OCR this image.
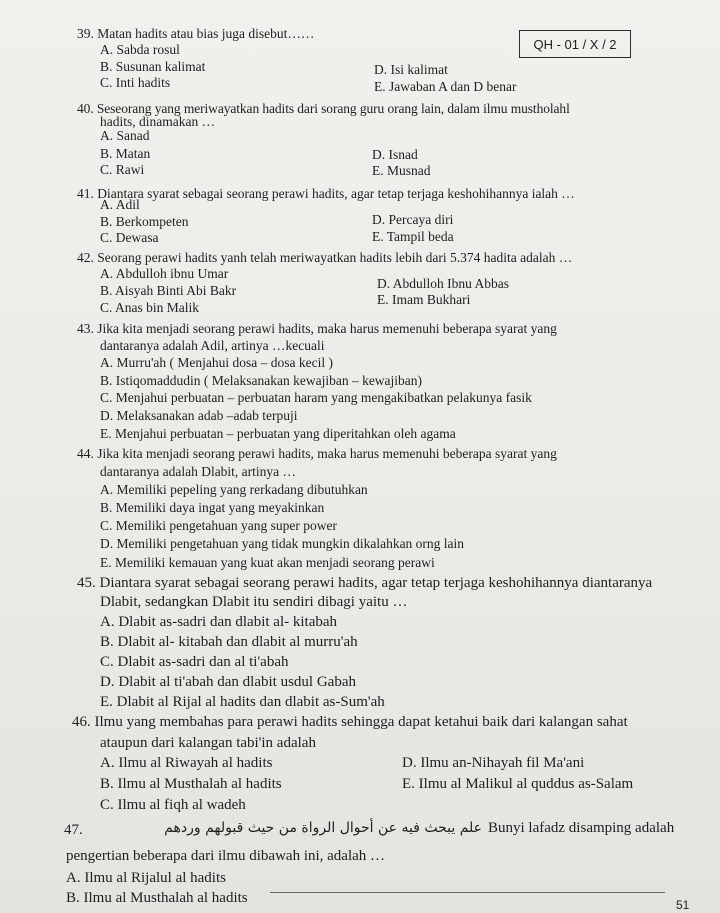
QH - 01 / X / 2
39. Matan hadits atau bias juga disebut……
A. Sabda rosul
B. Susunan kalimat
C. Inti hadits
D. Isi kalimat
E. Jawaban A dan D benar
40. Seseorang yang meriwayatkan hadits dari sorang guru orang lain, dalam ilmu mustholahl
hadits, dinamakan …
A. Sanad
B. Matan
C. Rawi
D. Isnad
E. Musnad
41. Diantara syarat sebagai seorang perawi hadits, agar tetap terjaga keshohihannya ialah …
A. Adil
B. Berkompeten
C. Dewasa
D. Percaya diri
E. Tampil beda
42. Seorang perawi hadits yanh telah meriwayatkan hadits lebih dari 5.374 hadita adalah …
A. Abdulloh ibnu Umar
B. Aisyah Binti Abi Bakr
C. Anas bin Malik
D. Abdulloh Ibnu Abbas
E. Imam Bukhari
43. Jika kita menjadi seorang perawi hadits, maka harus memenuhi beberapa syarat yang
dantaranya adalah Adil, artinya …kecuali
A. Murru'ah ( Menjahui dosa – dosa kecil )
B. Istiqomaddudin ( Melaksanakan kewajiban – kewajiban)
C. Menjahui perbuatan – perbuatan haram yang mengakibatkan pelakunya fasik
D. Melaksanakan adab –adab terpuji
E. Menjahui perbuatan – perbuatan yang diperitahkan oleh agama
44. Jika kita menjadi seorang perawi hadits, maka harus memenuhi beberapa syarat yang
dantaranya adalah Dlabit, artinya …
A. Memiliki pepeling yang rerkadang dibutuhkan
B. Memiliki daya ingat yang meyakinkan
C. Memiliki pengetahuan yang super power
D. Memiliki pengetahuan yang tidak mungkin dikalahkan orng lain
E. Memiliki kemauan yang kuat akan menjadi seorang perawi
45. Diantara syarat sebagai seorang perawi hadits, agar tetap terjaga keshohihannya diantaranya
Dlabit, sedangkan Dlabit itu sendiri dibagi yaitu …
A. Dlabit as-sadri dan dlabit al- kitabah
B. Dlabit al- kitabah dan dlabit al murru'ah
C. Dlabit as-sadri dan al ti'abah
D. Dlabit al ti'abah dan dlabit usdul Gabah
E. Dlabit al Rijal al hadits dan dlabit as-Sum'ah
46. Ilmu yang membahas para perawi hadits sehingga dapat ketahui baik dari kalangan sahat
ataupun dari kalangan tabi'in adalah
A. Ilmu al Riwayah al hadits
B. Ilmu al Musthalah al hadits
C. Ilmu al fiqh al wadeh
D. Ilmu an-Nihayah fil Ma'ani
E. Ilmu al Malikul al quddus as-Salam
47.	علم يبحث فيه عن أحوال الرواة من حيث قبولهم وردهم Bunyi lafadz disamping adalah
pengertian beberapa dari ilmu dibawah ini, adalah …
A. Ilmu al Rijalul al hadits
B. Ilmu al Musthalah al hadits	51
